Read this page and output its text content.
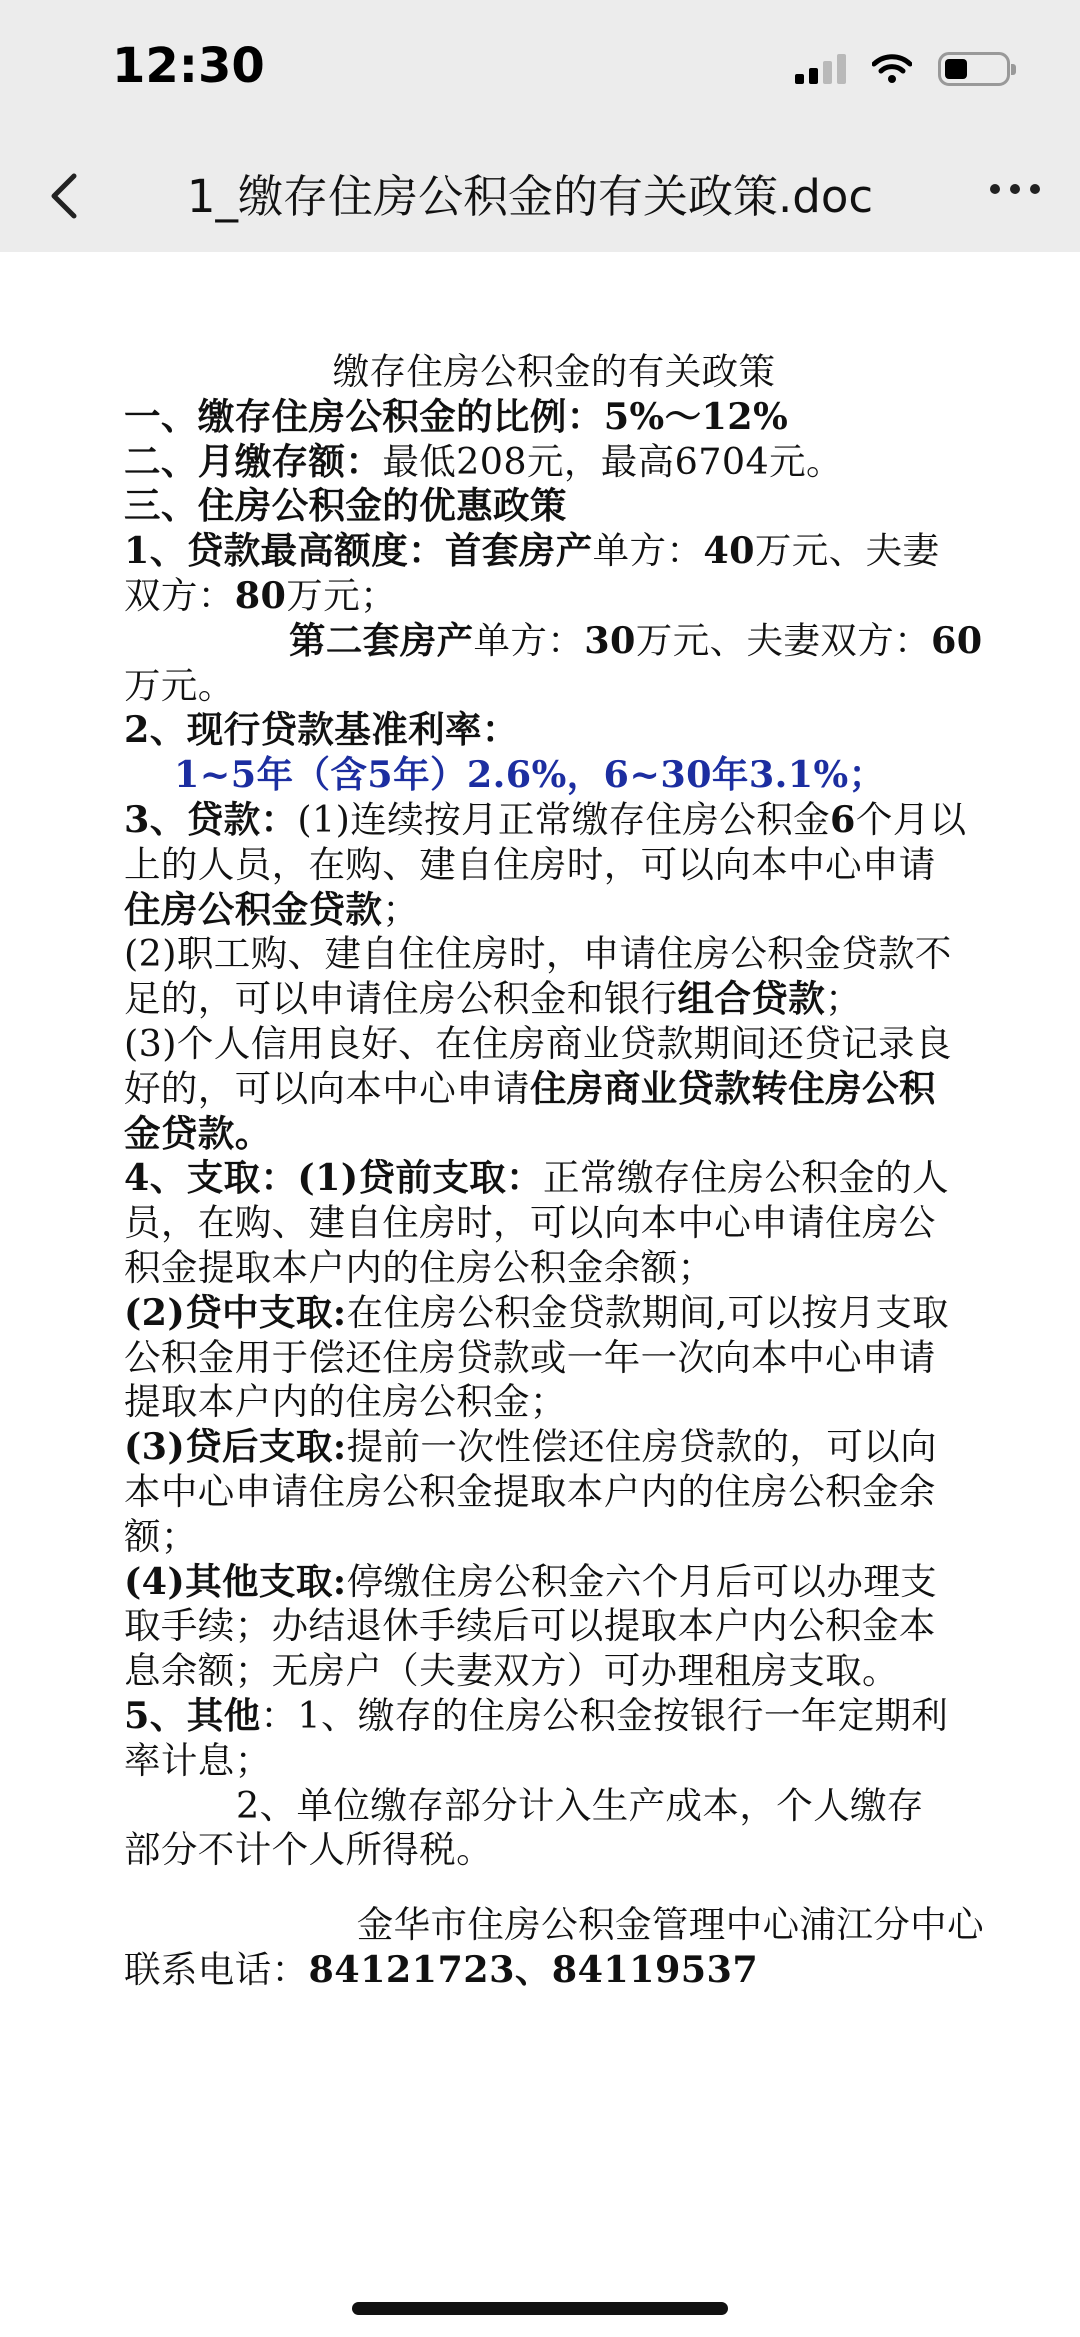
12:30
1_缴存住房公积金的有关政策.doc

缴存住房公积金的有关政策

一、缴存住房公积金的比例：5%～12%

二、月缴存额：最低208元，最高6704元。

三、住房公积金的优惠政策

1、贷款最高额度：首套房产单方：40万元、夫妻

双方：80万元；

第二套房产单方：30万元、夫妻双方：60

万元。

2、现行贷款基准利率：

1~5年（含5年）2.6%，6~30年3.1%；

3、贷款：(1)连续按月正常缴存住房公积金6个月以

上的人员，在购、建自住房时，可以向本中心申请

住房公积金贷款；

(2)职工购、建自住住房时，申请住房公积金贷款不

足的，可以申请住房公积金和银行组合贷款；

(3)个人信用良好、在住房商业贷款期间还贷记录良

好的，可以向本中心申请住房商业贷款转住房公积

金贷款。

4、支取：(1)贷前支取：正常缴存住房公积金的人

员，在购、建自住房时，可以向本中心申请住房公

积金提取本户内的住房公积金余额；

(2)贷中支取:在住房公积金贷款期间,可以按月支取

公积金用于偿还住房贷款或一年一次向本中心申请

提取本户内的住房公积金；

(3)贷后支取:提前一次性偿还住房贷款的，可以向

本中心申请住房公积金提取本户内的住房公积金余

额；

(4)其他支取:停缴住房公积金六个月后可以办理支

取手续；办结退休手续后可以提取本户内公积金本

息余额；无房户（夫妻双方）可办理租房支取。

5、其他：1、缴存的住房公积金按银行一年定期利

率计息；

2、单位缴存部分计入生产成本，个人缴存

部分不计个人所得税。

金华市住房公积金管理中心浦江分中心

联系电话：84121723、84119537
